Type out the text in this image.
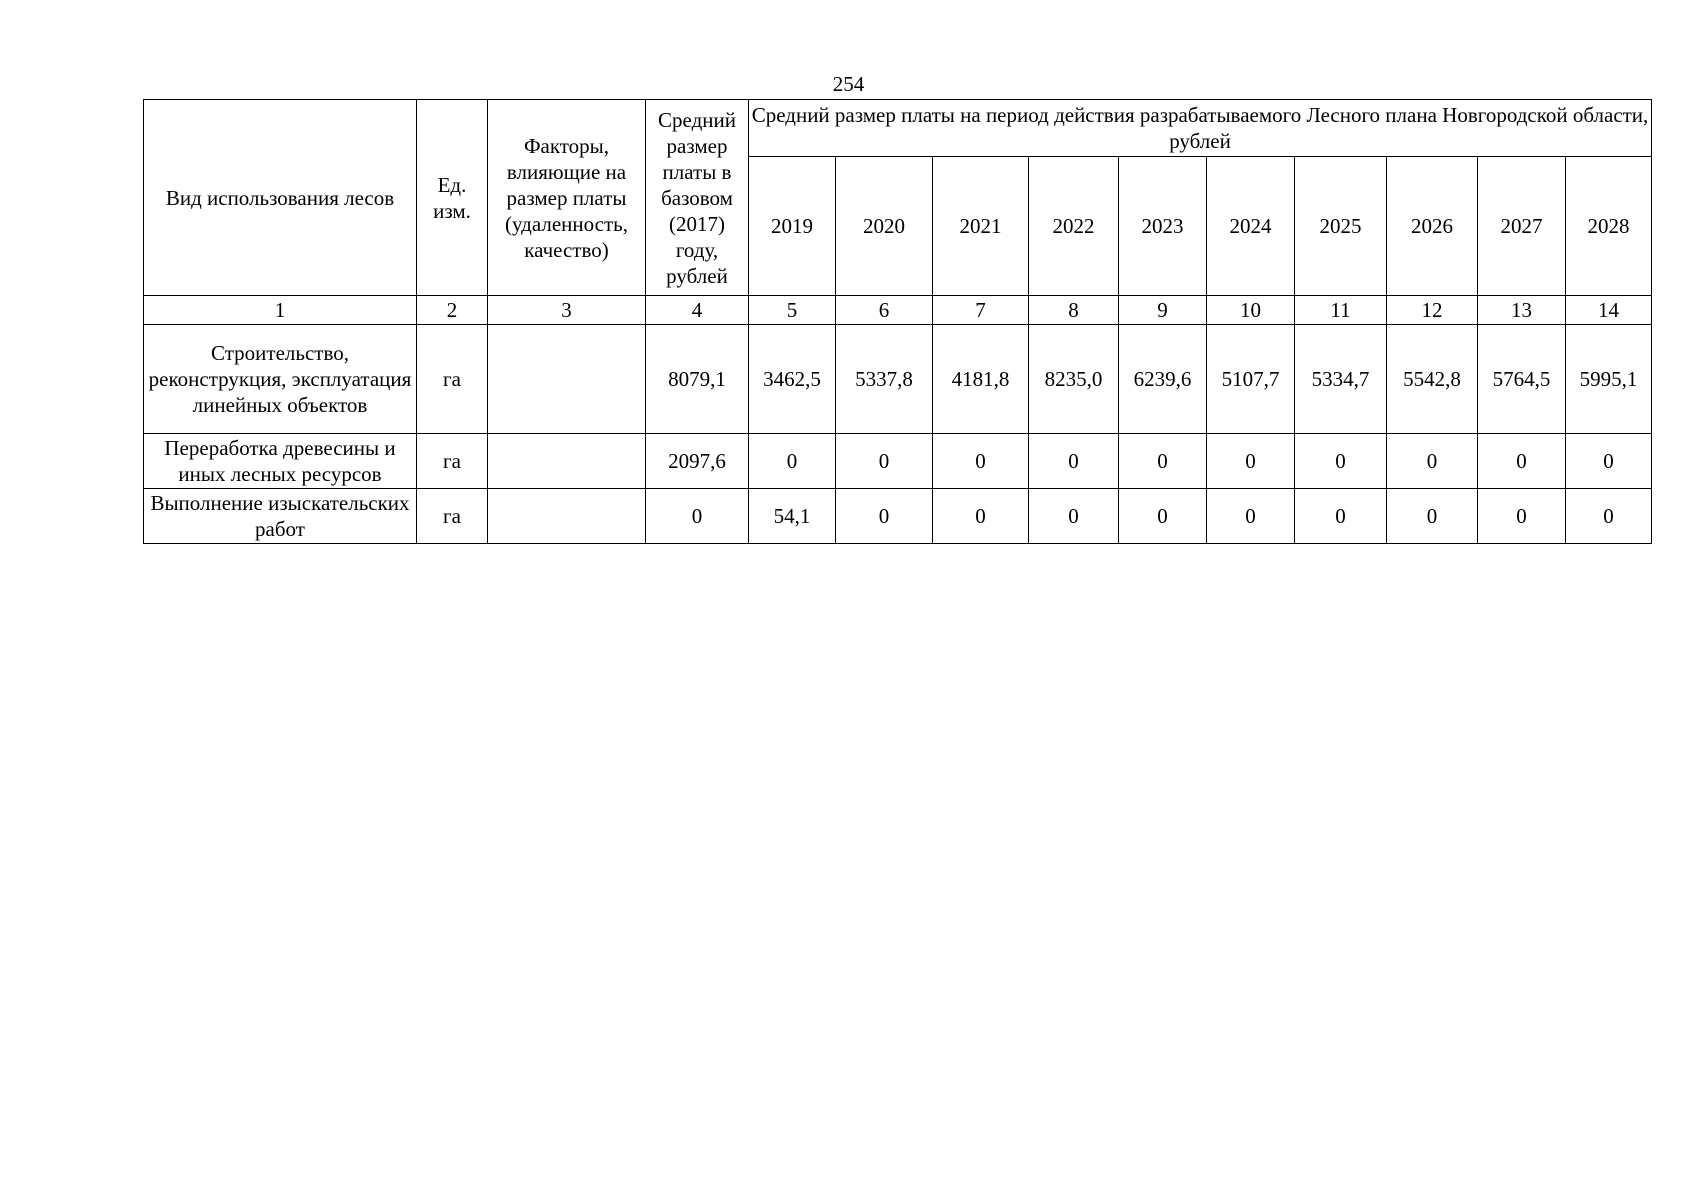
254
Вид использования лесов	Ед. изм.	Факторы, влияющие на размер платы (удаленность, качество)	Средний размер платы в базовом (2017) году, рублей	Средний размер платы на период действия разрабатываемого Лесного плана Новгородской области, рублей									
				2019	2020	2021	2022	2023	2024	2025	2026	2027	2028
1	2	3	4	5	6	7	8	9	10	11	12	13	14
Строительство, реконструкция, эксплуатация линейных объектов	га		8079,1	3462,5	5337,8	4181,8	8235,0	6239,6	5107,7	5334,7	5542,8	5764,5	5995,1
Переработка древесины и иных лесных ресурсов	га		2097,6	0	0	0	0	0	0	0	0	0	0
Выполнение изыскательских работ	га		0	54,1	0	0	0	0	0	0	0	0	0
